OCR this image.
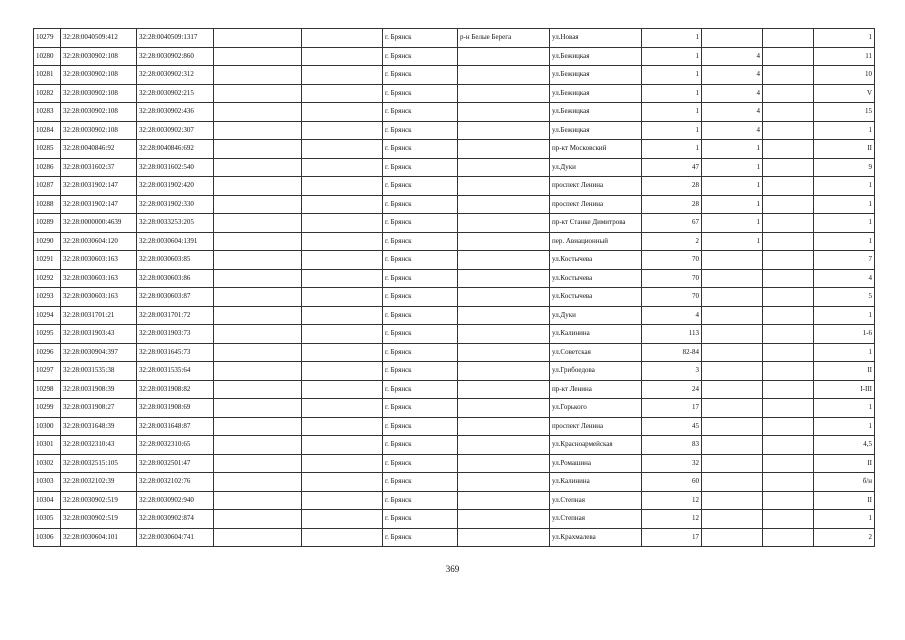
10279	32:28:0040509:412	32:28:0040509:1317			г. Брянск	р-н Белые Берега	ул.Новая	1			1
10280	32:28:0030902:108	32:28:0030902:860			г. Брянск		ул.Бежицкая	1	4		11
10281	32:28:0030902:108	32:28:0030902:312			г. Брянск		ул.Бежицкая	1	4		10
10282	32:28:0030902:108	32:28:0030902:215			г. Брянск		ул.Бежицкая	1	4		V
10283	32:28:0030902:108	32:28:0030902:436			г. Брянск		ул.Бежицкая	1	4		15
10284	32:28:0030902:108	32:28:0030902:307			г. Брянск		ул.Бежицкая	1	4		1
10285	32:28:0040846:92	32:28:0040846:692			г. Брянск		пр-кт Московский	1	1		II
10286	32:28:0031602:37	32:28:0031602:540			г. Брянск		ул.Дуки	47	1		9
10287	32:28:0031902:147	32:28:0031902:420			г. Брянск		проспект Ленина	28	1		1
10288	32:28:0031902:147	32:28:0031902:330			г. Брянск		проспект Ленина	28	1		1
10289	32:28:0000000:4639	32:28:0033253:205			г. Брянск		пр-кт Станке Димитрова	67	1		1
10290	32:28:0030604:120	32:28:0030604:1391			г. Брянск		пер. Авиационный	2	1		1
10291	32:28:0030603:163	32:28:0030603:85			г. Брянск		ул.Костычева	70			7
10292	32:28:0030603:163	32:28:0030603:86			г. Брянск		ул.Костычева	70			4
10293	32:28:0030603:163	32:28:0030603:87			г. Брянск		ул.Костычева	70			5
10294	32:28:0031701:21	32:28:0031701:72			г. Брянск		ул.Дуки	4			1
10295	32:28:0031903:43	32:28:0031903:73			г. Брянск		ул.Калинина	113			1-6
10296	32:28:0030904:397	32:28:0031645:73			г. Брянск		ул.Советская	82-84			1
10297	32:28:0031535:38	32:28:0031535:64			г. Брянск		ул.Грибоедова	3			II
10298	32:28:0031908:39	32:28:0031908:82			г. Брянск		пр-кт Ленина	24			I-III
10299	32:28:0031908:27	32:28:0031908:69			г. Брянск		ул.Горького	17			1
10300	32:28:0031648:39	32:28:0031648:87			г. Брянск		проспект Ленина	45			1
10301	32:28:0032310:43	32:28:0032310:65			г. Брянск		ул.Красноармейская	83			4,5
10302	32:28:0032515:105	32:28:0032501:47			г. Брянск		ул.Ромашина	32			II
10303	32:28:0032102:39	32:28:0032102:76			г. Брянск		ул.Калинина	60			б/н
10304	32:28:0030902:519	32:28:0030902:940			г. Брянск		ул.Степная	12			II
10305	32:28:0030902:519	32:28:0030902:874			г. Брянск		ул.Степная	12			1
10306	32:28:0030604:101	32:28:0030604:741			г. Брянск		ул.Крахмалева	17			2
369
